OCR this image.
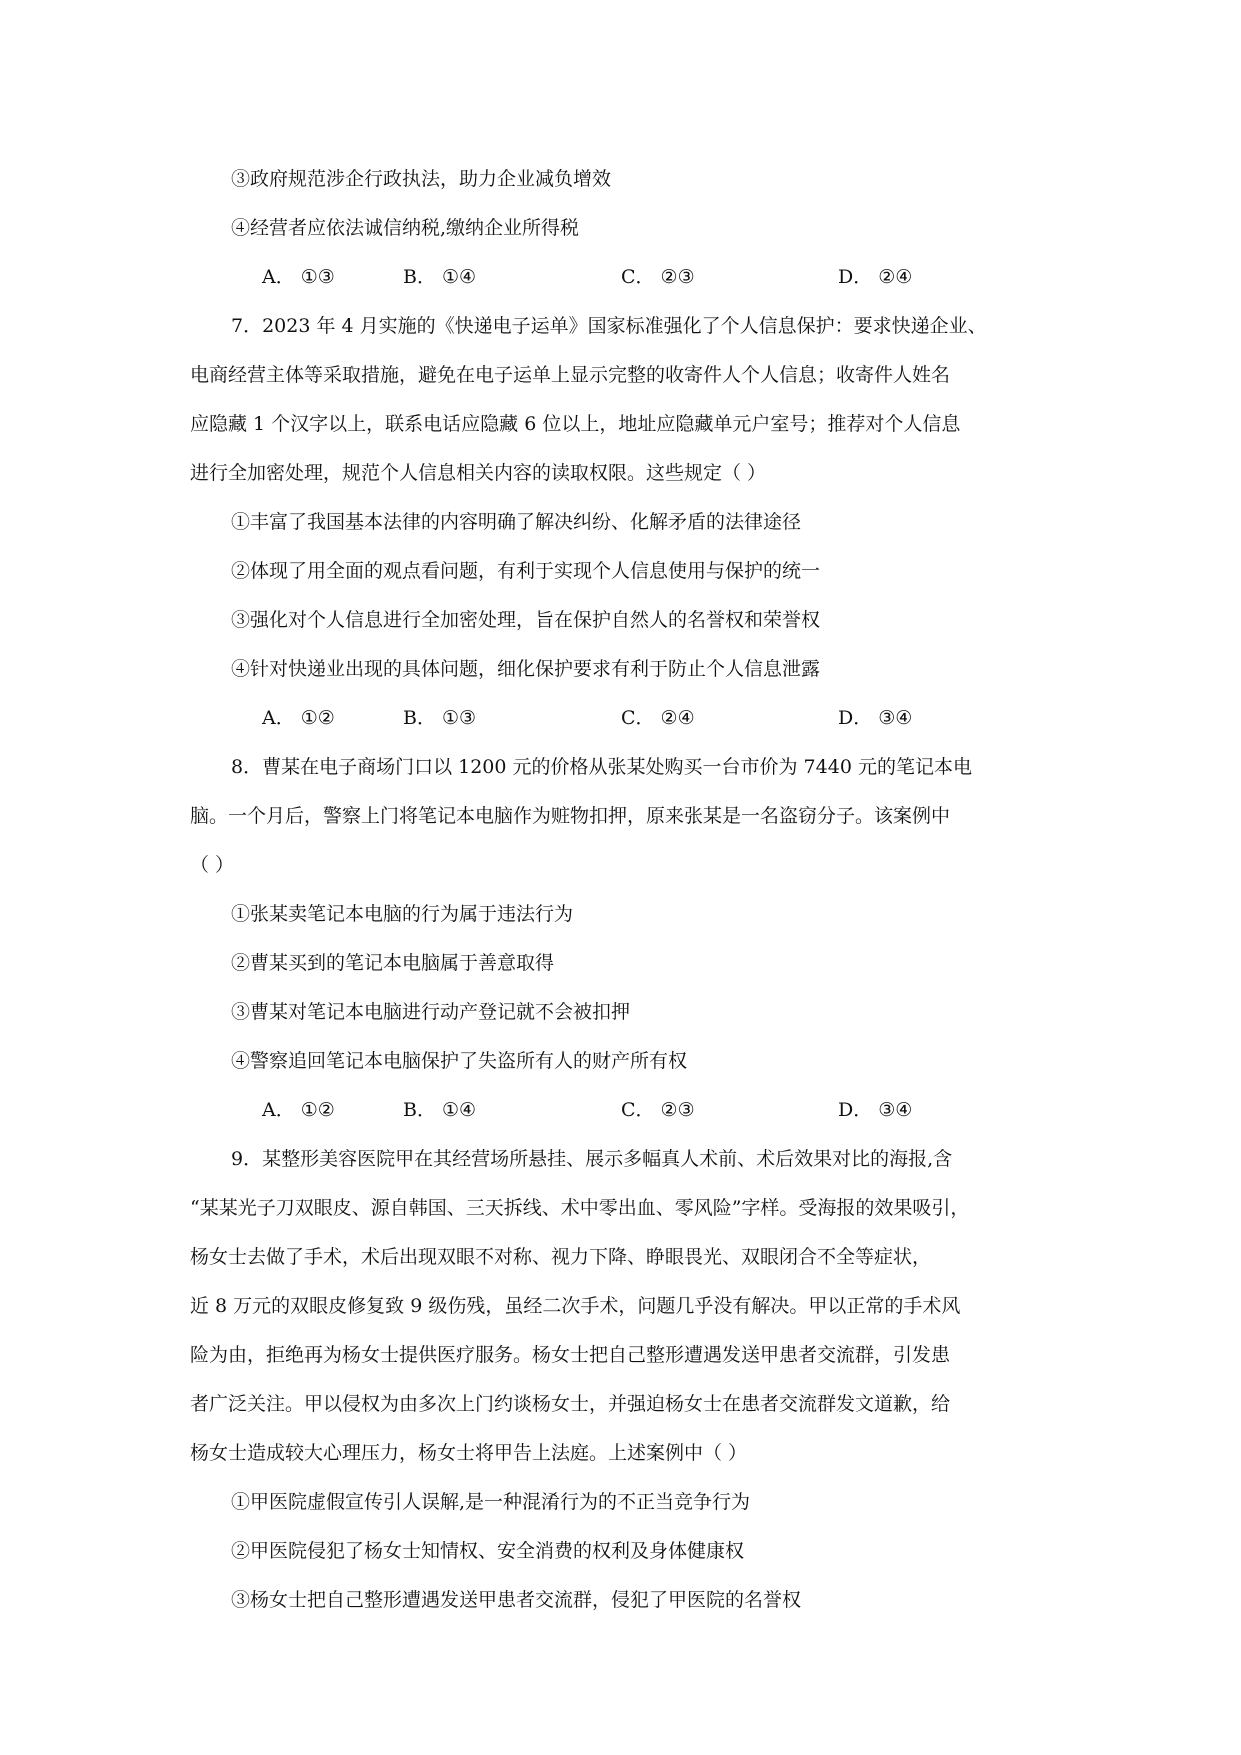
③政府规范涉企行政执法，助力企业减负增效
④经营者应依法诚信纳税,缴纳企业所得税
A． ①③	B． ①④	C． ②③	D． ②④
7．2023 年 4 月实施的《快递电子运单》国家标准强化了个人信息保护：要求快递企业、
电商经营主体等采取措施，避免在电子运单上显示完整的收寄件人个人信息；收寄件人姓名
应隐藏 1 个汉字以上，联系电话应隐藏 6 位以上，地址应隐藏单元户室号；推荐对个人信息
进行全加密处理，规范个人信息相关内容的读取权限。这些规定（ ）
①丰富了我国基本法律的内容明确了解决纠纷、化解矛盾的法律途径
②体现了用全面的观点看问题，有利于实现个人信息使用与保护的统一
③强化对个人信息进行全加密处理，旨在保护自然人的名誉权和荣誉权
④针对快递业出现的具体问题，细化保护要求有利于防止个人信息泄露
A． ①②	B． ①③	C． ②④	D． ③④
8．曹某在电子商场门口以 1200 元的价格从张某处购买一台市价为 7440 元的笔记本电
脑。一个月后，警察上门将笔记本电脑作为赃物扣押，原来张某是一名盗窃分子。该案例中
（ ）
①张某卖笔记本电脑的行为属于违法行为
②曹某买到的笔记本电脑属于善意取得
③曹某对笔记本电脑进行动产登记就不会被扣押
④警察追回笔记本电脑保护了失盗所有人的财产所有权
A． ①②	B． ①④	C． ②③	D． ③④
9．某整形美容医院甲在其经营场所悬挂、展示多幅真人术前、术后效果对比的海报,含
“某某光子刀双眼皮、源自韩国、三天拆线、术中零出血、零风险”字样。受海报的效果吸引，
杨女士去做了手术，术后出现双眼不对称、视力下降、睁眼畏光、双眼闭合不全等症状，
近 8 万元的双眼皮修复致 9 级伤残，虽经二次手术，问题几乎没有解决。甲以正常的手术风
险为由，拒绝再为杨女士提供医疗服务。杨女士把自己整形遭遇发送甲患者交流群，引发患
者广泛关注。甲以侵权为由多次上门约谈杨女士，并强迫杨女士在患者交流群发文道歉，给
杨女士造成较大心理压力，杨女士将甲告上法庭。上述案例中（ ）
①甲医院虚假宣传引人误解,是一种混淆行为的不正当竞争行为
②甲医院侵犯了杨女士知情权、安全消费的权利及身体健康权
③杨女士把自己整形遭遇发送甲患者交流群，侵犯了甲医院的名誉权
